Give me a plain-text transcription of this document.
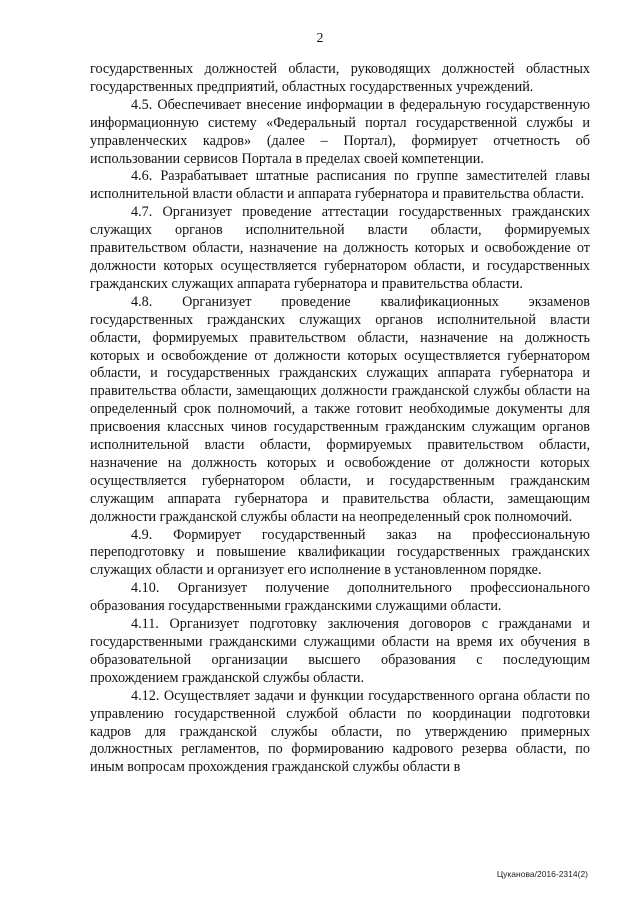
2

государственных должностей области, руководящих должностей областных государственных предприятий, областных государственных учреждений.

4.5. Обеспечивает внесение информации в федеральную государственную информационную систему «Федеральный портал государственной службы и управленческих кадров» (далее – Портал), формирует отчетность об использовании сервисов Портала в пределах своей компетенции.

4.6. Разрабатывает штатные расписания по группе заместителей главы исполнительной власти области и аппарата губернатора и правительства области.

4.7. Организует проведение аттестации государственных гражданских служащих органов исполнительной власти области, формируемых правительством области, назначение на должность которых и освобождение от должности которых осуществляется губернатором области, и государственных гражданских служащих аппарата губернатора и правительства области.

4.8. Организует проведение квалификационных экзаменов государственных гражданских служащих органов исполнительной власти области, формируемых правительством области, назначение на должность которых и освобождение от должности которых осуществляется губернатором области, и государственных гражданских служащих аппарата губернатора и правительства области, замещающих должности гражданской службы области на определенный срок полномочий, а также готовит необходимые документы для присвоения классных чинов государственным гражданским служащим органов исполнительной власти области, формируемых правительством области, назначение на должность которых и освобождение от должности которых осуществляется губернатором области, и государственным гражданским служащим аппарата губернатора и правительства области, замещающим должности гражданской службы области на неопределенный срок полномочий.

4.9. Формирует государственный заказ на профессиональную переподготовку и повышение квалификации государственных гражданских служащих области и организует его исполнение в установленном порядке.

4.10. Организует получение дополнительного профессионального образования государственными гражданскими служащими области.

4.11. Организует подготовку заключения договоров с гражданами и государственными гражданскими служащими области на время их обучения в образовательной организации высшего образования с последующим прохождением гражданской службы области.

4.12. Осуществляет задачи и функции государственного органа области по управлению государственной службой области по координации подготовки кадров для гражданской службы области, по утверждению примерных должностных регламентов, по формированию кадрового резерва области, по иным вопросам прохождения гражданской службы области в

Цуканова/2016-2314(2)
